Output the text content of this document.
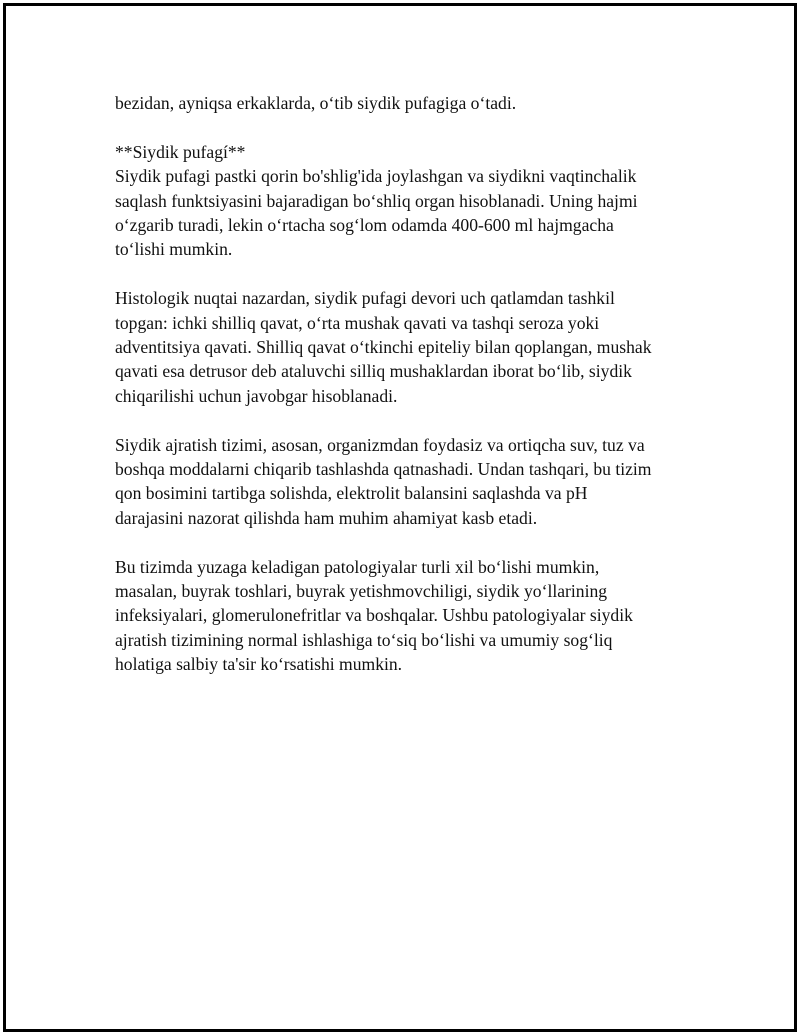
bezidan, ayniqsa erkaklarda, o‘tib siydik pufagiga o‘tadi.
**Siydik pufagí**
Siydik pufagi pastki qorin bo'shlig'ida joylashgan va siydikni vaqtinchalik
saqlash funktsiyasini bajaradigan bo‘shliq organ hisoblanadi. Uning hajmi
o‘zgarib turadi, lekin o‘rtacha sog‘lom odamda 400-600 ml hajmgacha
to‘lishi mumkin.
Histologik nuqtai nazardan, siydik pufagi devori uch qatlamdan tashkil
topgan: ichki shilliq qavat, o‘rta mushak qavati va tashqi seroza yoki
adventitsiya qavati. Shilliq qavat o‘tkinchi epiteliy bilan qoplangan, mushak
qavati esa detrusor deb ataluvchi silliq mushaklardan iborat bo‘lib, siydik
chiqarilishi uchun javobgar hisoblanadi.
Siydik ajratish tizimi, asosan, organizmdan foydasiz va ortiqcha suv, tuz va
boshqa moddalarni chiqarib tashlashda qatnashadi. Undan tashqari, bu tizim
qon bosimini tartibga solishda, elektrolit balansini saqlashda va pH
darajasini nazorat qilishda ham muhim ahamiyat kasb etadi.
Bu tizimda yuzaga keladigan patologiyalar turli xil bo‘lishi mumkin,
masalan, buyrak toshlari, buyrak yetishmovchiligi, siydik yo‘llarining
infeksiyalari, glomerulonefritlar va boshqalar. Ushbu patologiyalar siydik
ajratish tizimining normal ishlashiga to‘siq bo‘lishi va umumiy sog‘liq
holatiga salbiy ta'sir ko‘rsatishi mumkin.
